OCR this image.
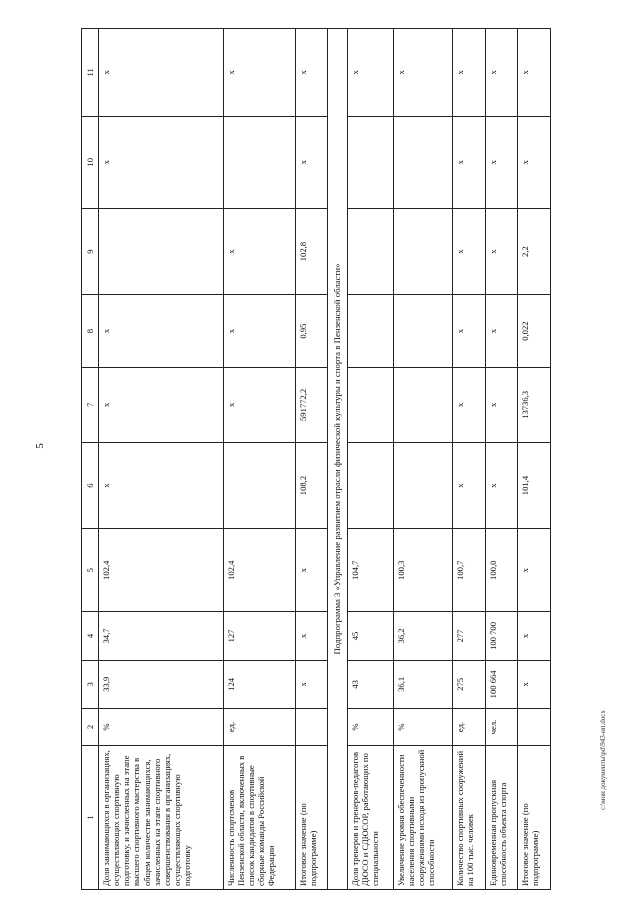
5
1	2	3	4	5	6	7	8	9	10	11
Доля занимающихся в организациях, осуществляющих спортивную подготовку, и зачисленных на этапе высшего спортивного мастерства в общем количестве занимающихся, зачисленных на этапе спортивного совершенствования в организациях, осуществляющих спортивную подготовку	%	33,9	34,7	102,4	х	х	х		х	х
Численность спортсменов Пензенской области, включенных в список кандидатов в спортивные сборные команды Российской Федерации	ед.	124	127	102,4		х	х	х		х
Итоговое значение (по подпрограмме)		х	х	х	108,2	591772,2	0,95	102,8	х	х
Подпрограмма 3 «Управление развитием отрасли физической культуры и спорта в Пензенской области»										
Доля тренеров и тренеров-педагогов ДЮСО и СДЮСОР, работающих по специальности	%	43	45	104,7						х
Увеличение уровня обеспеченности населения спортивными сооружениями исходя из пропускной способности	%	36,1	36,2	100,3						х
Количество спортивных сооружений на 100 тыс. человек	ед.	275	277	100,7	х	х	х	х	х	х
Единовременная пропускная способность объекта спорта	чел.	100 664	100 700	100,0	х	х	х	х	х	х
Итоговое значение (по подпрограмме)		х	х	х	101,4	13736,3	0,022	2,2	х	х
c:\мои документы\pd\943-нп.docx
